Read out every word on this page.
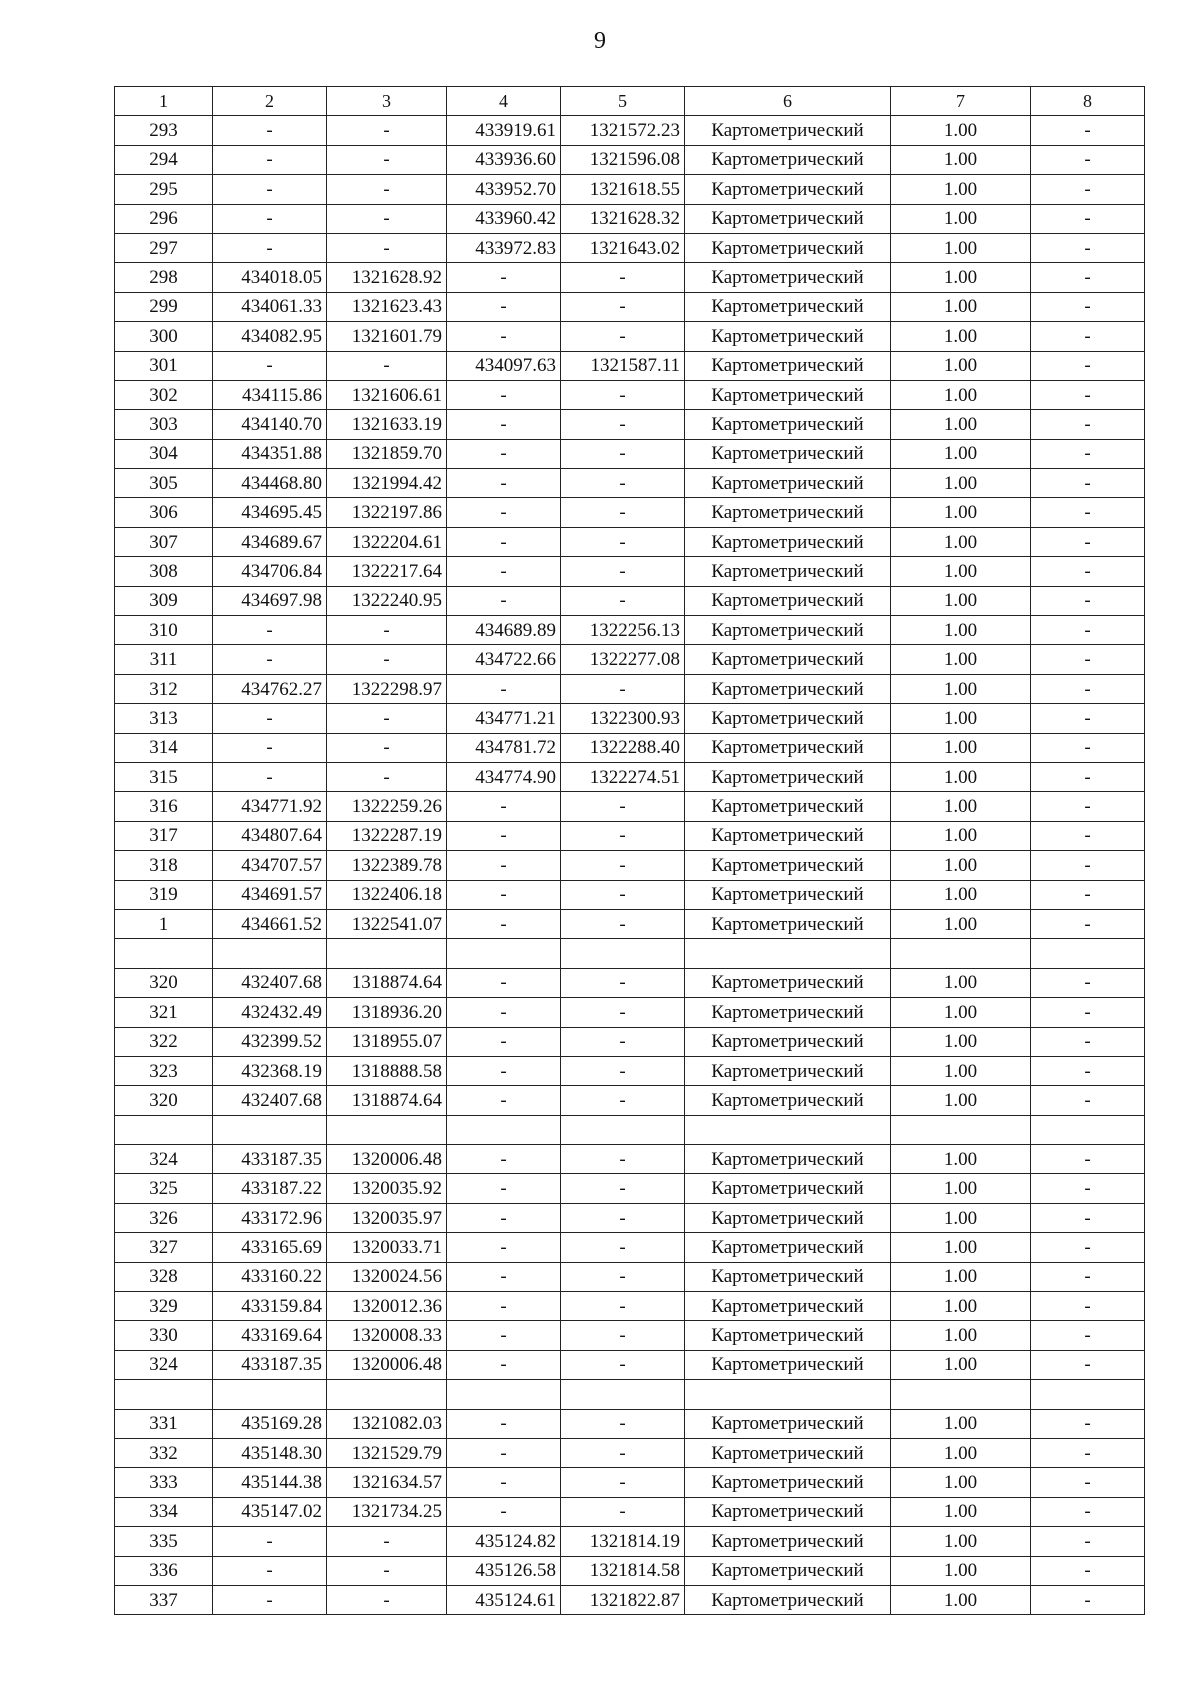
9
1	2	3	4	5	6	7	8
293	-	-	433919.61	1321572.23	Картометрический	1.00	-
294	-	-	433936.60	1321596.08	Картометрический	1.00	-
295	-	-	433952.70	1321618.55	Картометрический	1.00	-
296	-	-	433960.42	1321628.32	Картометрический	1.00	-
297	-	-	433972.83	1321643.02	Картометрический	1.00	-
298	434018.05	1321628.92	-	-	Картометрический	1.00	-
299	434061.33	1321623.43	-	-	Картометрический	1.00	-
300	434082.95	1321601.79	-	-	Картометрический	1.00	-
301	-	-	434097.63	1321587.11	Картометрический	1.00	-
302	434115.86	1321606.61	-	-	Картометрический	1.00	-
303	434140.70	1321633.19	-	-	Картометрический	1.00	-
304	434351.88	1321859.70	-	-	Картометрический	1.00	-
305	434468.80	1321994.42	-	-	Картометрический	1.00	-
306	434695.45	1322197.86	-	-	Картометрический	1.00	-
307	434689.67	1322204.61	-	-	Картометрический	1.00	-
308	434706.84	1322217.64	-	-	Картометрический	1.00	-
309	434697.98	1322240.95	-	-	Картометрический	1.00	-
310	-	-	434689.89	1322256.13	Картометрический	1.00	-
311	-	-	434722.66	1322277.08	Картометрический	1.00	-
312	434762.27	1322298.97	-	-	Картометрический	1.00	-
313	-	-	434771.21	1322300.93	Картометрический	1.00	-
314	-	-	434781.72	1322288.40	Картометрический	1.00	-
315	-	-	434774.90	1322274.51	Картометрический	1.00	-
316	434771.92	1322259.26	-	-	Картометрический	1.00	-
317	434807.64	1322287.19	-	-	Картометрический	1.00	-
318	434707.57	1322389.78	-	-	Картометрический	1.00	-
319	434691.57	1322406.18	-	-	Картометрический	1.00	-
1	434661.52	1322541.07	-	-	Картометрический	1.00	-

320	432407.68	1318874.64	-	-	Картометрический	1.00	-
321	432432.49	1318936.20	-	-	Картометрический	1.00	-
322	432399.52	1318955.07	-	-	Картометрический	1.00	-
323	432368.19	1318888.58	-	-	Картометрический	1.00	-
320	432407.68	1318874.64	-	-	Картометрический	1.00	-

324	433187.35	1320006.48	-	-	Картометрический	1.00	-
325	433187.22	1320035.92	-	-	Картометрический	1.00	-
326	433172.96	1320035.97	-	-	Картометрический	1.00	-
327	433165.69	1320033.71	-	-	Картометрический	1.00	-
328	433160.22	1320024.56	-	-	Картометрический	1.00	-
329	433159.84	1320012.36	-	-	Картометрический	1.00	-
330	433169.64	1320008.33	-	-	Картометрический	1.00	-
324	433187.35	1320006.48	-	-	Картометрический	1.00	-

331	435169.28	1321082.03	-	-	Картометрический	1.00	-
332	435148.30	1321529.79	-	-	Картометрический	1.00	-
333	435144.38	1321634.57	-	-	Картометрический	1.00	-
334	435147.02	1321734.25	-	-	Картометрический	1.00	-
335	-	-	435124.82	1321814.19	Картометрический	1.00	-
336	-	-	435126.58	1321814.58	Картометрический	1.00	-
337	-	-	435124.61	1321822.87	Картометрический	1.00	-
